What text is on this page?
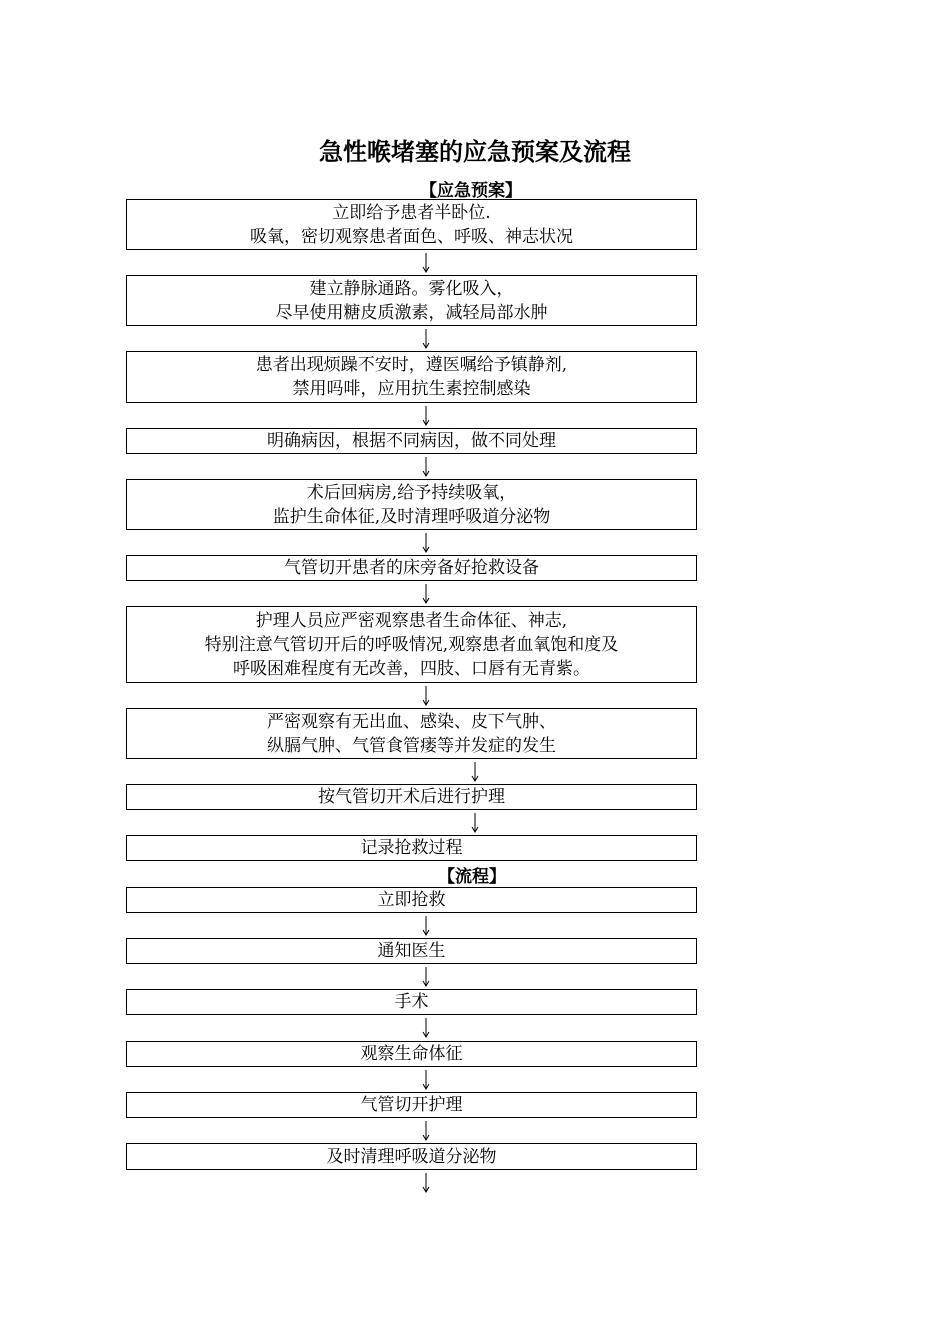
急性喉堵塞的应急预案及流程
【应急预案】
立即给予患者半卧位.
吸氧，密切观察患者面色、呼吸、神志状况
建立静脉通路。雾化吸入，
尽早使用糖皮质激素，减轻局部水肿
患者出现烦躁不安时，遵医嘱给予镇静剂,
禁用吗啡，应用抗生素控制感染
明确病因，根据不同病因，做不同处理
术后回病房,给予持续吸氧，
监护生命体征,及时清理呼吸道分泌物
气管切开患者的床旁备好抢救设备
护理人员应严密观察患者生命体征、神志,
特别注意气管切开后的呼吸情况,观察患者血氧饱和度及
呼吸困难程度有无改善，四肢、口唇有无青紫。
严密观察有无出血、感染、皮下气肿、
纵膈气肿、气管食管瘘等并发症的发生
按气管切开术后进行护理
记录抢救过程
【流程】
立即抢救
通知医生
手术
观察生命体征
气管切开护理
及时清理呼吸道分泌物
